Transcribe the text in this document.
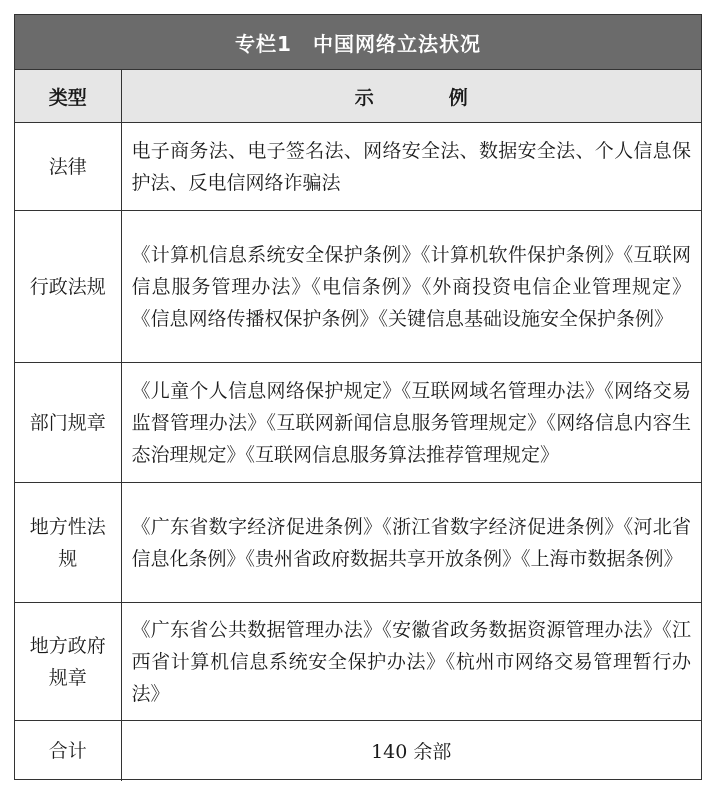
专栏1　中国网络立法状况
类型	示　例
法律	电子商务法、电子签名法、网络安全法、数据安全法、个人信息保护法、反电信网络诈骗法
行政法规	《计算机信息系统安全保护条例》《计算机软件保护条例》《互联网信息服务管理办法》《电信条例》《外商投资电信企业管理规定》《信息网络传播权保护条例》《关键信息基础设施安全保护条例》
部门规章	《儿童个人信息网络保护规定》《互联网域名管理办法》《网络交易监督管理办法》《互联网新闻信息服务管理规定》《网络信息内容生态治理规定》《互联网信息服务算法推荐管理规定》
地方性法规	《广东省数字经济促进条例》《浙江省数字经济促进条例》《河北省信息化条例》《贵州省政府数据共享开放条例》《上海市数据条例》
地方政府规章	《广东省公共数据管理办法》《安徽省政务数据资源管理办法》《江西省计算机信息系统安全保护办法》《杭州市网络交易管理暂行办法》
合计	140 余部
